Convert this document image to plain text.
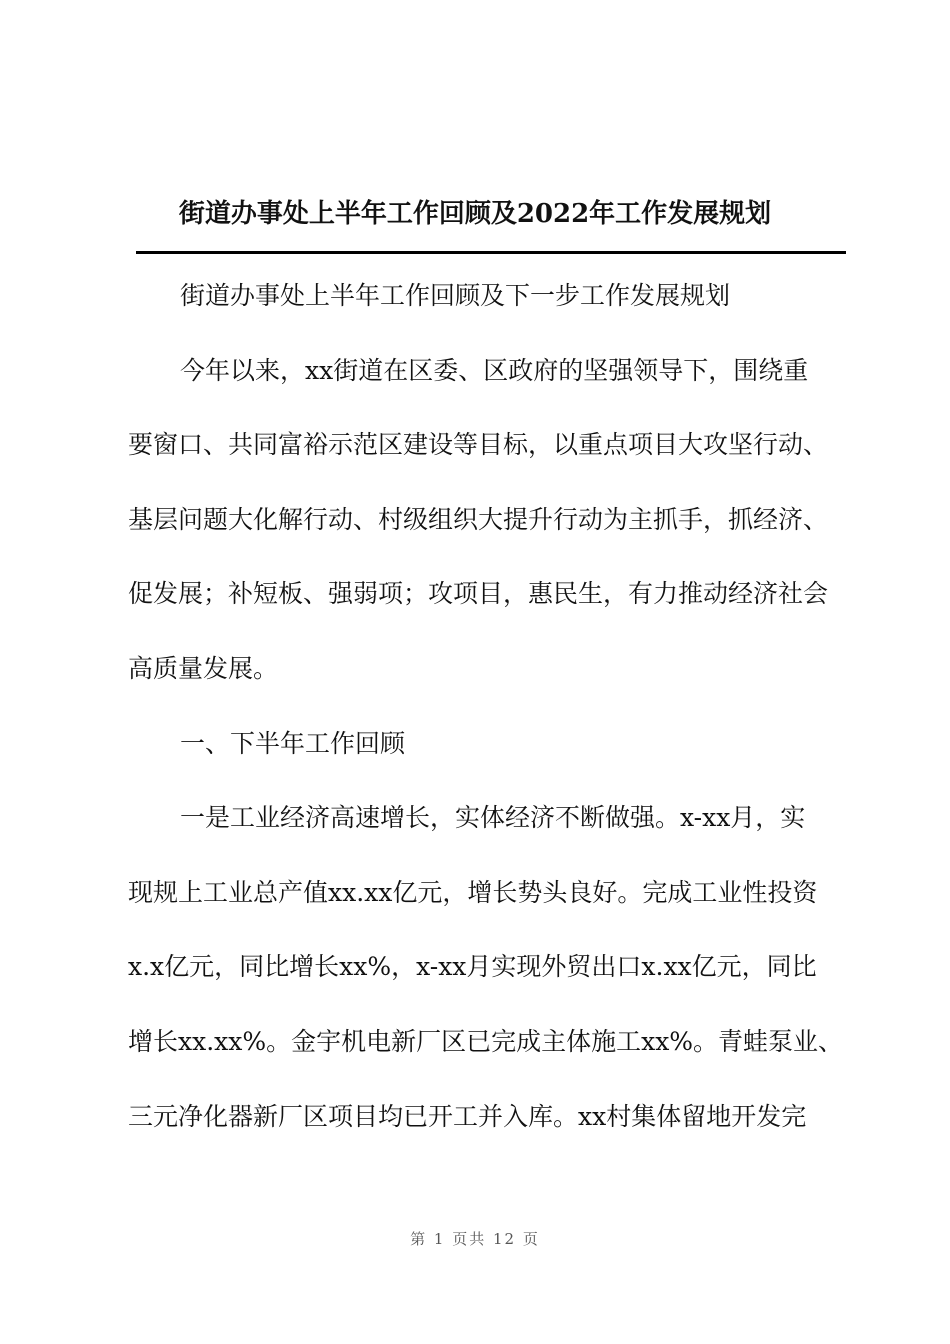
街道办事处上半年工作回顾及2022年工作发展规划
街道办事处上半年工作回顾及下一步工作发展规划
今年以来，xx街道在区委、区政府的坚强领导下，围绕重
要窗口、共同富裕示范区建设等目标，以重点项目大攻坚行动、
基层问题大化解行动、村级组织大提升行动为主抓手，抓经济、
促发展；补短板、强弱项；攻项目，惠民生，有力推动经济社会
高质量发展。
一、下半年工作回顾
一是工业经济高速增长，实体经济不断做强。x-xx月，实
现规上工业总产值xx.xx亿元，增长势头良好。完成工业性投资
x.x亿元，同比增长xx%，x-xx月实现外贸出口x.xx亿元，同比
增长xx.xx%。金宇机电新厂区已完成主体施工xx%。青蛙泵业、
三元净化器新厂区项目均已开工并入库。xx村集体留地开发完
第 1 页共 12 页
